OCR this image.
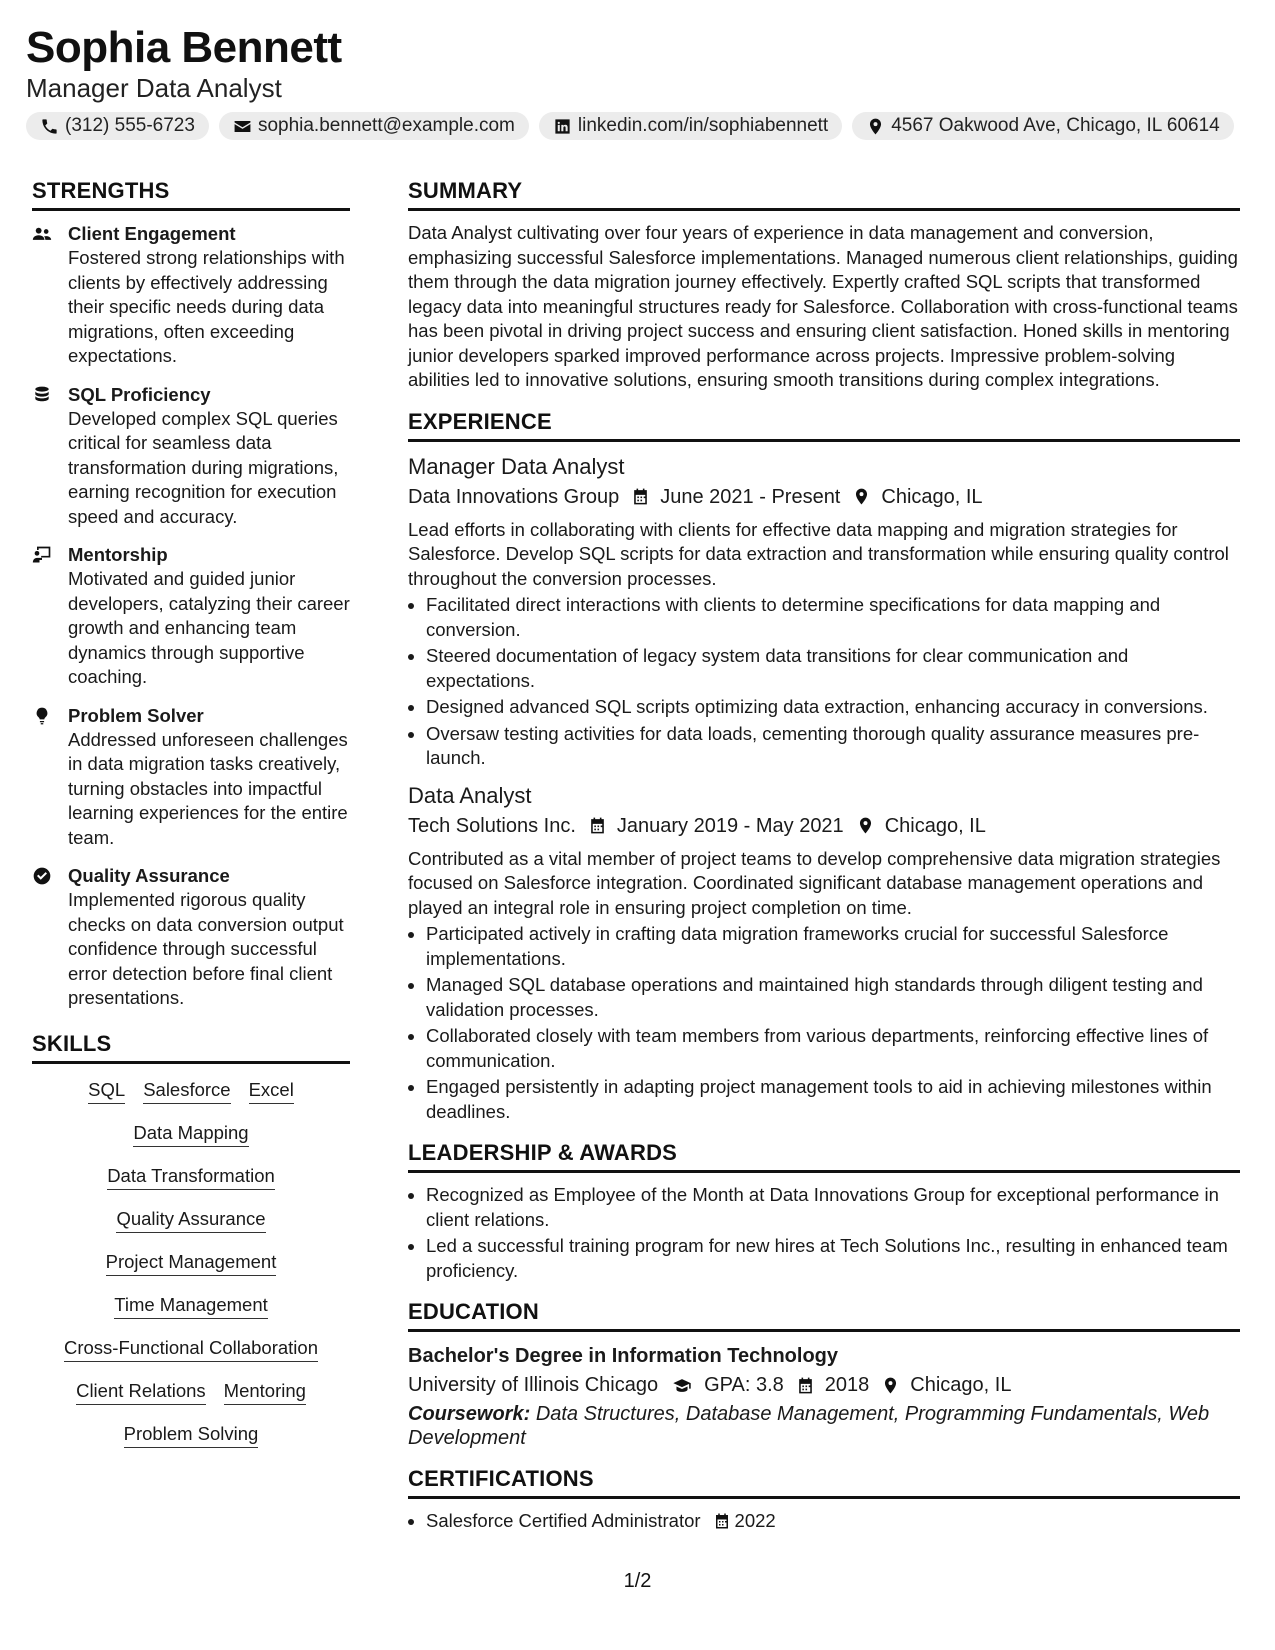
Sophia Bennett
Manager Data Analyst
(312) 555-6723	sophia.bennett@example.com	linkedin.com/in/sophiabennett	4567 Oakwood Ave, Chicago, IL 60614
STRENGTHS
Client Engagement
Fostered strong relationships with clients by effectively addressing their specific needs during data migrations, often exceeding expectations.
SQL Proficiency
Developed complex SQL queries critical for seamless data transformation during migrations, earning recognition for execution speed and accuracy.
Mentorship
Motivated and guided junior developers, catalyzing their career growth and enhancing team dynamics through supportive coaching.
Problem Solver
Addressed unforeseen challenges in data migration tasks creatively, turning obstacles into impactful learning experiences for the entire team.
Quality Assurance
Implemented rigorous quality checks on data conversion output confidence through successful error detection before final client presentations.
SKILLS
SQL Salesforce Excel
Data Mapping
Data Transformation
Quality Assurance
Project Management
Time Management
Cross-Functional Collaboration
Client Relations Mentoring
Problem Solving
SUMMARY

Data Analyst cultivating over four years of experience in data management and conversion, emphasizing successful Salesforce implementations. Managed numerous client relationships, guiding them through the data migration journey effectively. Expertly crafted SQL scripts that transformed legacy data into meaningful structures ready for Salesforce. Collaboration with cross-functional teams has been pivotal in driving project success and ensuring client satisfaction. Honed skills in mentoring junior developers sparked improved performance across projects. Impressive problem-solving abilities led to innovative solutions, ensuring smooth transitions during complex integrations.

EXPERIENCE
Manager Data Analyst
Data Innovations Group June 2021 - Present Chicago, IL

Lead efforts in collaborating with clients for effective data mapping and migration strategies for Salesforce. Develop SQL scripts for data extraction and transformation while ensuring quality control throughout the conversion processes.

• Facilitated direct interactions with clients to determine specifications for data mapping and conversion.
• Steered documentation of legacy system data transitions for clear communication and expectations.
• Designed advanced SQL scripts optimizing data extraction, enhancing accuracy in conversions.
• Oversaw testing activities for data loads, cementing thorough quality assurance measures pre-launch.
Data Analyst
Tech Solutions Inc. January 2019 - May 2021 Chicago, IL

Contributed as a vital member of project teams to develop comprehensive data migration strategies focused on Salesforce integration. Coordinated significant database management operations and played an integral role in ensuring project completion on time.

• Participated actively in crafting data migration frameworks crucial for successful Salesforce implementations.
• Managed SQL database operations and maintained high standards through diligent testing and validation processes.
• Collaborated closely with team members from various departments, reinforcing effective lines of communication.
• Engaged persistently in adapting project management tools to aid in achieving milestones within deadlines.
LEADERSHIP & AWARDS
• Recognized as Employee of the Month at Data Innovations Group for exceptional performance in client relations.
• Led a successful training program for new hires at Tech Solutions Inc., resulting in enhanced team proficiency.
EDUCATION
Bachelor's Degree in Information Technology
University of Illinois Chicago GPA: 3.8 2018 Chicago, IL
Coursework: Data Structures, Database Management, Programming Fundamentals, Web Development
CERTIFICATIONS
• Salesforce Certified Administrator 2022
1/2
